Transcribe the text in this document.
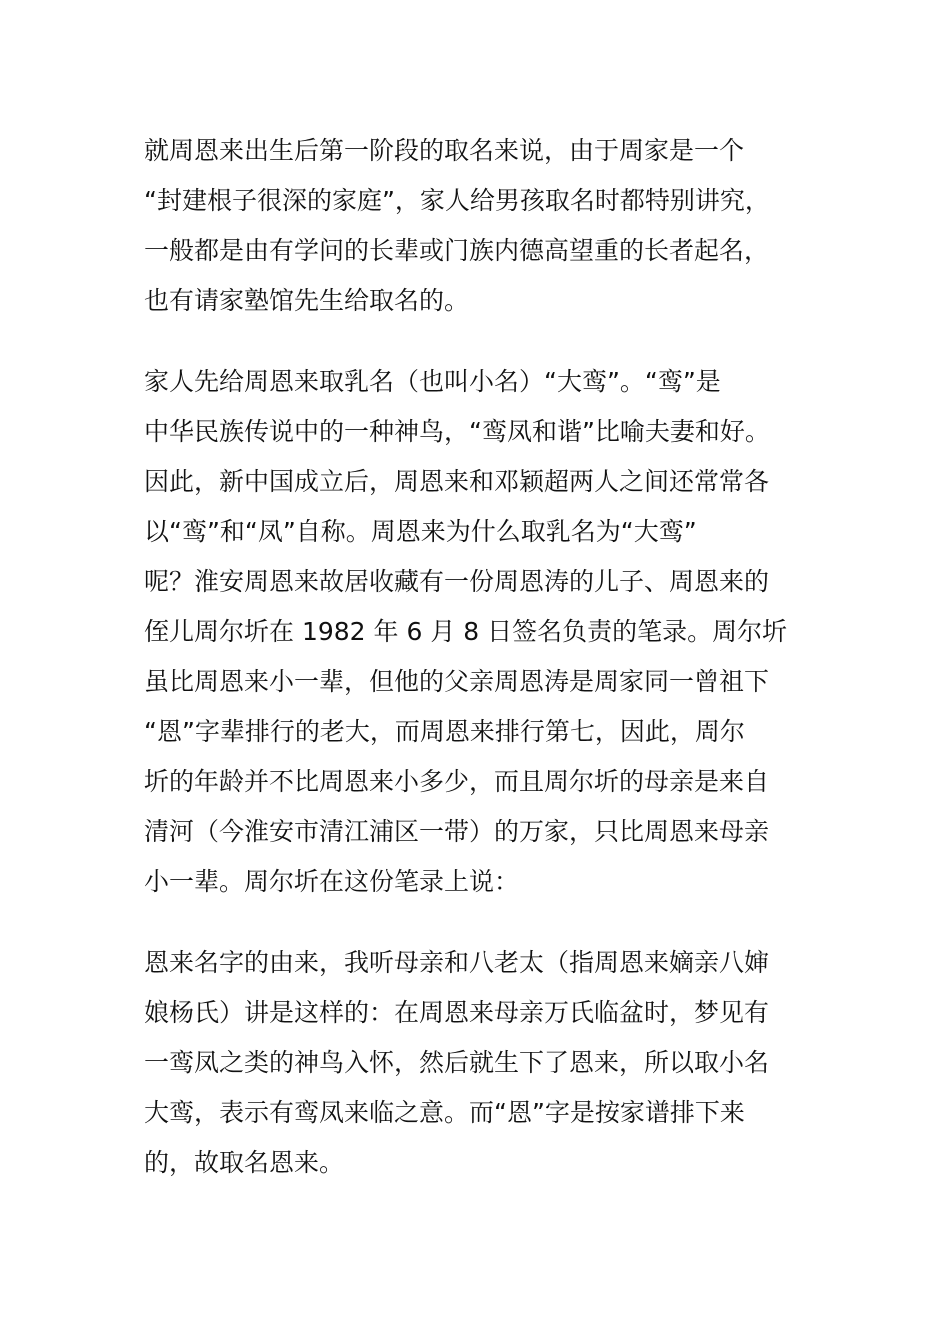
就周恩来出生后第一阶段的取名来说，由于周家是一个
“封建根子很深的家庭”，家人给男孩取名时都特别讲究，
一般都是由有学问的长辈或门族内德高望重的长者起名，
也有请家塾馆先生给取名的。
家人先给周恩来取乳名（也叫小名）“大鸾”。“鸾”是
中华民族传说中的一种神鸟，“鸾凤和谐”比喻夫妻和好。
因此，新中国成立后，周恩来和邓颖超两人之间还常常各
以“鸾”和“凤”自称。周恩来为什么取乳名为“大鸾”
呢？淮安周恩来故居收藏有一份周恩涛的儿子、周恩来的
侄儿周尔圻在 1982 年 6 月 8 日签名负责的笔录。周尔圻
虽比周恩来小一辈，但他的父亲周恩涛是周家同一曾祖下
“恩”字辈排行的老大，而周恩来排行第七，因此，周尔
圻的年龄并不比周恩来小多少，而且周尔圻的母亲是来自
清河（今淮安市清江浦区一带）的万家，只比周恩来母亲
小一辈。周尔圻在这份笔录上说：
恩来名字的由来，我听母亲和八老太（指周恩来嫡亲八婶
娘杨氏）讲是这样的：在周恩来母亲万氏临盆时，梦见有
一鸾凤之类的神鸟入怀，然后就生下了恩来，所以取小名
大鸾，表示有鸾凤来临之意。而“恩”字是按家谱排下来
的，故取名恩来。
